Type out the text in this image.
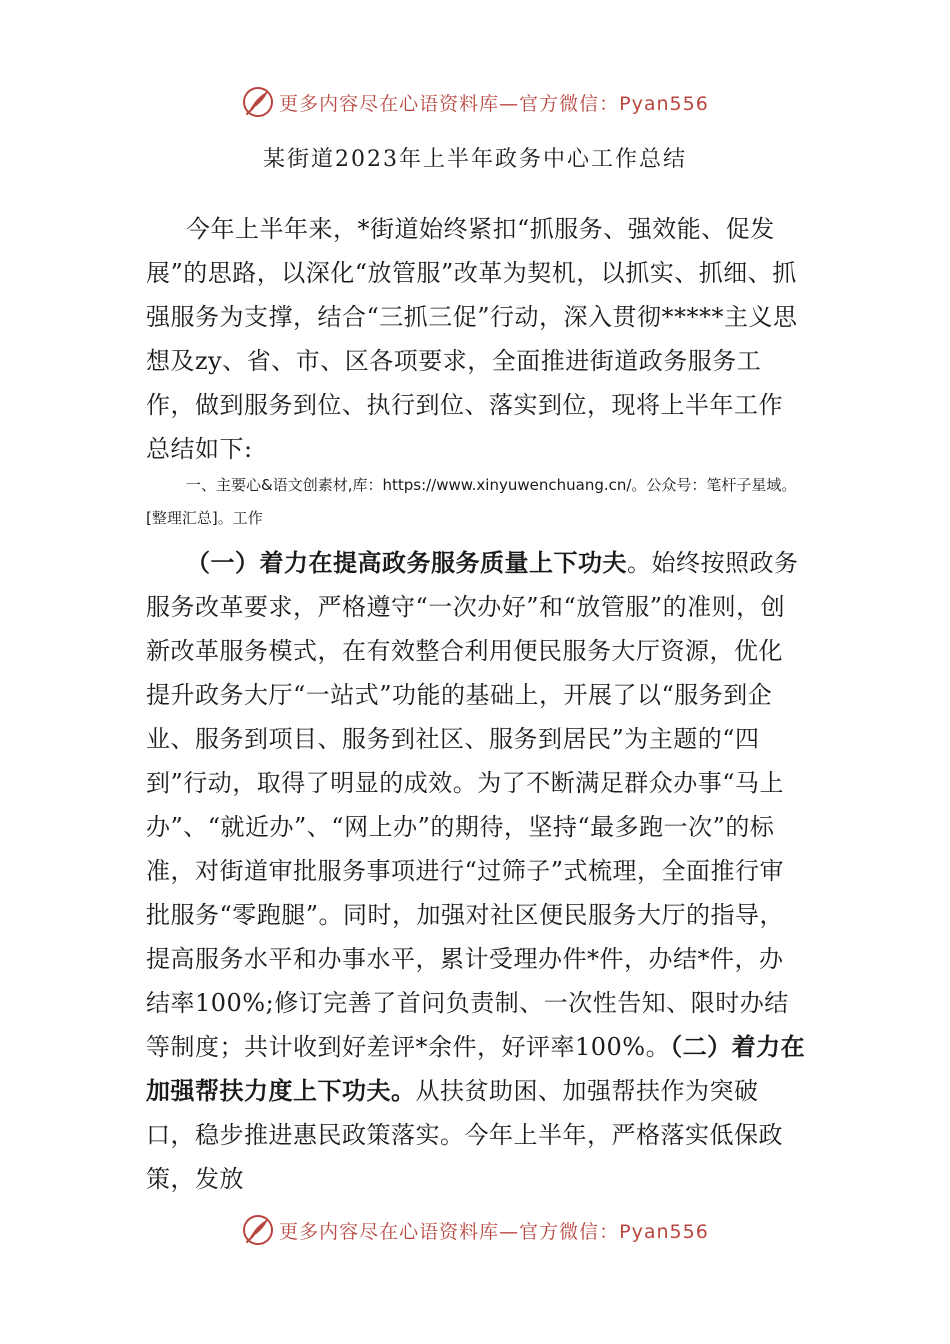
更多内容尽在心语资料库—官方微信：Pyan556
某街道2023年上半年政务中心工作总结
今年上半年来，*街道始终紧扣“抓服务、强效能、促发展”的思路，以深化“放管服”改革为契机，以抓实、抓细、抓强服务为支撑，结合“三抓三促”行动，深入贯彻*****主义思想及zy、省、市、区各项要求，全面推进街道政务服务工作，做到服务到位、执行到位、落实到位，现将上半年工作总结如下:
一、主要心&语文创素材,库：https://www.xinyuwenchuang.cn/。公众号：笔杆子星域。[整理汇总]。工作
（一）着力在提高政务服务质量上下功夫。始终按照政务服务改革要求，严格遵守“一次办好”和“放管服”的准则，创新改革服务模式，在有效整合利用便民服务大厅资源，优化提升政务大厅“一站式”功能的基础上，开展了以“服务到企业、服务到项目、服务到社区、服务到居民”为主题的“四到”行动，取得了明显的成效。为了不断满足群众办事“马上办”、“就近办”、“网上办”的期待，坚持“最多跑一次”的标准，对街道审批服务事项进行“过筛子”式梳理，全面推行审批服务“零跑腿”。同时，加强对社区便民服务大厅的指导，提高服务水平和办事水平，累计受理办件*件，办结*件，办结率100%;修订完善了首问负责制、一次性告知、限时办结等制度；共计收到好差评*余件，好评率100%。（二）着力在加强帮扶力度上下功夫。从扶贫助困、加强帮扶作为突破口，稳步推进惠民政策落实。今年上半年，严格落实低保政策，发放
更多内容尽在心语资料库—官方微信：Pyan556
